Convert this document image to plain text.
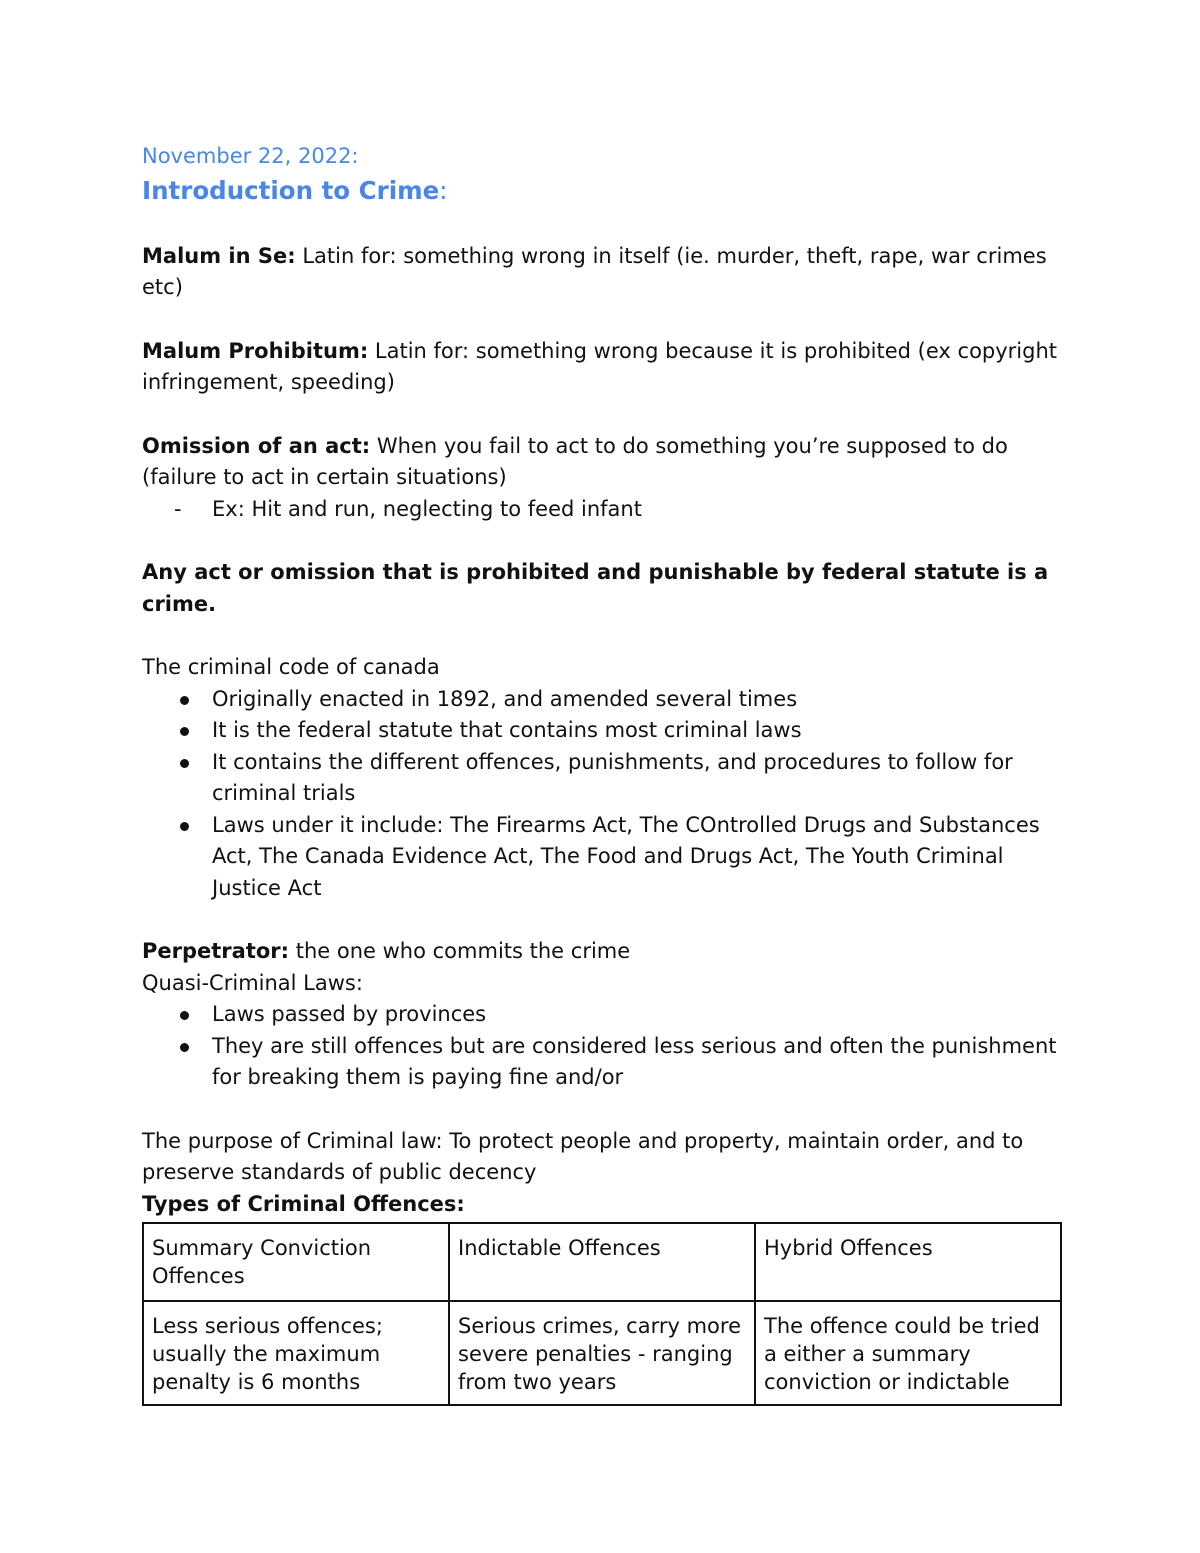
November 22, 2022:
Introduction to Crime:

Malum in Se: Latin for: something wrong in itself (ie. murder, theft, rape, war crimes etc)

Malum Prohibitum: Latin for: something wrong because it is prohibited (ex copyright infringement, speeding)

Omission of an act: When you fail to act to do something you’re supposed to do (failure to act in certain situations)

- Ex: Hit and run, neglecting to feed infant

Any act or omission that is prohibited and punishable by federal statute is a crime.

The criminal code of canada

Originally enacted in 1892, and amended several times
It is the federal statute that contains most criminal laws
It contains the different offences, punishments, and procedures to follow for criminal trials
Laws under it include: The Firearms Act, The COntrolled Drugs and Substances Act, The Canada Evidence Act, The Food and Drugs Act, The Youth Criminal Justice Act

Perpetrator: the one who commits the crime

Quasi-Criminal Laws:

Laws passed by provinces
They are still offences but are considered less serious and often the punishment for breaking them is paying fine and/or

The purpose of Criminal law: To protect people and property, maintain order, and to preserve standards of public decency

Types of Criminal Offences:

Summary Conviction Offences	Indictable Offences	Hybrid Offences
Less serious offences; usually the maximum penalty is 6 months	Serious crimes, carry more severe penalties - ranging from two years	The offence could be tried a either a summary conviction or indictable
